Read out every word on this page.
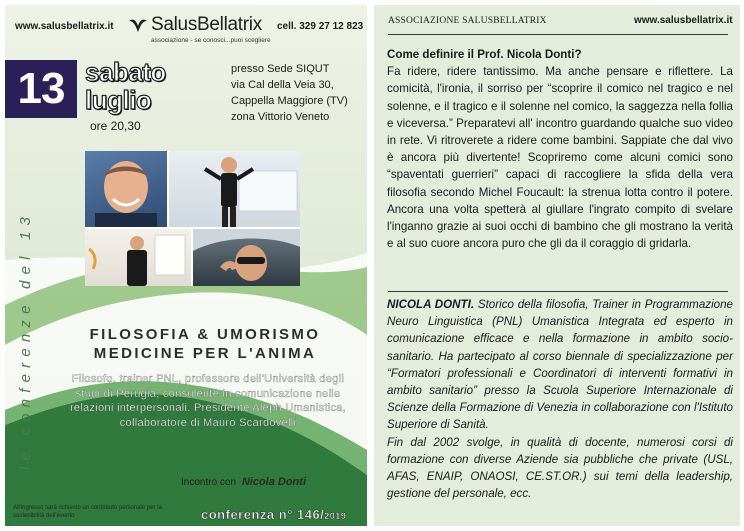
www.salusbellatrix.it SalusBellatrix
associazione - se conosci...puoi scegliere
cell. 329 27 12 823
13 sabato
luglio
ore 20,30
presso Sede SIQUT
via Cal della Veia 30,
Cappella Maggiore (TV)
zona Vittorio Veneto
le conferenze del 13	FILOSOFIA & UMORISMO
MEDICINE PER L'ANIMA
Filosofo, trainer PNL, professore dell'Università degli studi di Perugia, consulente in comunicazione nelle relazioni interpersonali. Presidente Aleph Umanistica, collaboratore di Mauro Scardovelli
Incontro con Nicola Donti
All'ingresso sarà richiesto un contributo personale per la sostenibilità dell'evento	conferenza n° 146/2019
ASSOCIAZIONE SALUSBELLATRIX	www.salusbellatrix.it
Come definire il Prof. Nicola Donti?
Fa ridere, ridere tantissimo. Ma anche pensare e riflettere. La comicità, l'ironia, il sorriso per “scoprire il comico nel tragico e nel solenne, e il tragico e il solenne nel comico, la saggezza nella follia e viceversa.” Preparatevi all' incontro guardando qualche suo video in rete. Vi ritroverete a ridere come bambini. Sappiate che dal vivo è ancora più divertente! Scopriremo come alcuni comici sono “spaventati guerrieri” capaci di raccogliere la sfida della vera filosofia secondo Michel Foucault: la strenua lotta contro il potere. Ancora una volta spetterà al giullare l'ingrato compito di svelare l'inganno grazie ai suoi occhi di bambino che gli mostrano la verità e al suo cuore ancora puro che gli da il coraggio di gridarla.
NICOLA DONTI. Storico della filosofia, Trainer in Programmazione Neuro Linguistica (PNL) Umanistica Integrata ed esperto in comunicazione efficace e nella formazione in ambito socio-sanitario. Ha partecipato al corso biennale di specializzazione per “Formatori professionali e Coordinatori di interventi formativi in ambito sanitario” presso la Scuola Superiore Internazionale di Scienze della Formazione di Venezia in collaborazione con l'Istituto Superiore di Sanità.
Fin dal 2002 svolge, in qualità di docente, numerosi corsi di formazione con diverse Aziende sia pubbliche che private (USL, AFAS, ENAIP, ONAOSI, CE.ST.OR.) sui temi della leadership, gestione del personale, ecc.
